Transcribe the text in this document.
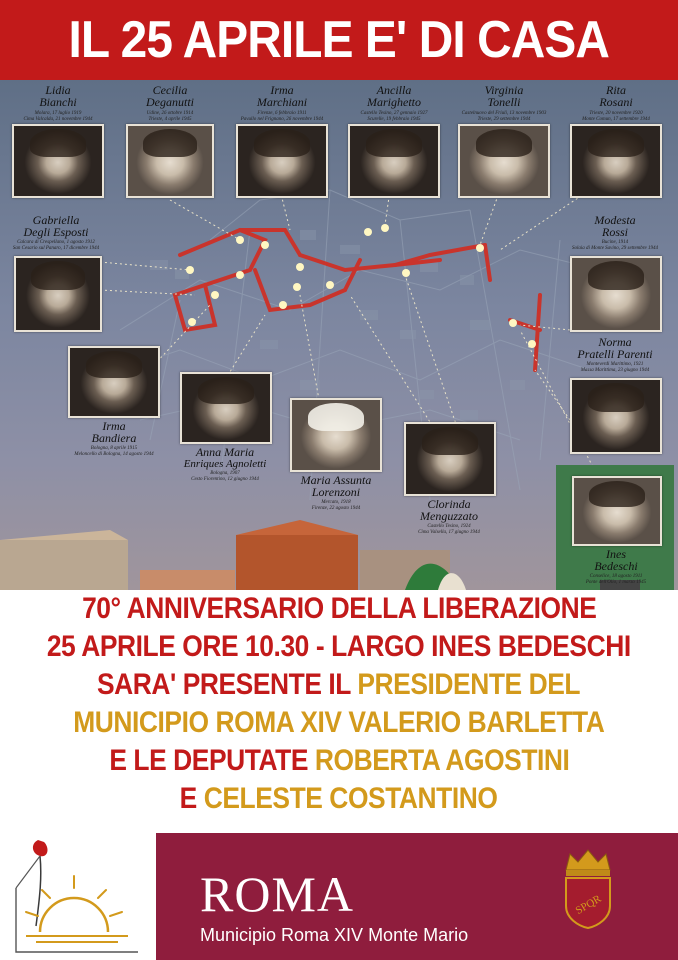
IL 25 APRILE E' DI CASA
Lidia
Bianchi
Molara, 17 luglio 1919
Cima Valcalda, 21 novembre 1944
Cecilia
Deganutti
Udine, 26 ottobre 1914
Trieste, 4 aprile 1945
Irma
Marchiani
Firenze, 6 febbraio 1911
Pavullo nel Frignano, 26 novembre 1944
Ancilla
Marighetto
Castello Tesino, 27 gennaio 1927
Scurelle, 19 febbraio 1945
Virginia
Tonelli
Castelnuovo del Friuli, 13 novembre 1903
Trieste, 29 settembre 1944
Rita
Rosani
Trieste, 20 novembre 1920
Monte Comun, 17 settembre 1944
Gabriella
Degli Esposti
Calcara di Crespellano, 1 agosto 1912
San Cesario sul Panaro, 17 dicembre 1944
Modesta
Rossi
Bucine, 1914
Solaia di Monte Savino, 29 settembre 1944
Norma
Pratelli Parenti
Monteverdi Marittimo, 1921
Massa Marittima, 23 giugno 1944
Irma
Bandiera
Bologna, 8 aprile 1915
Meloncello di Bologna, 14 agosto 1944	Anna Maria
Enriques Agnoletti
Bologna, 1907
Cesto Fiorentino, 12 giugno 1944	Maria Assunta
Lorenzoni
Mercato, 1918
Firenze, 22 agosto 1944	Clorinda
Menguzzato
Castello Tesino, 1924
Cima Valsella, 17 giugno 1944
Ines
Bedeschi
Conselice, 18 agosto 1911
Ponte dell'Olio, 1 marzo 1945
70° ANNIVERSARIO DELLA LIBERAZIONE
25 APRILE ORE 10.30 - LARGO INES BEDESCHI
SARA' PRESENTE IL PRESIDENTE DEL
MUNICIPIO ROMA XIV VALERIO BARLETTA
E LE DEPUTATE ROBERTA AGOSTINI
E CELESTE COSTANTINO
ROMA
Municipio Roma XIV Monte Mario
SPQR
